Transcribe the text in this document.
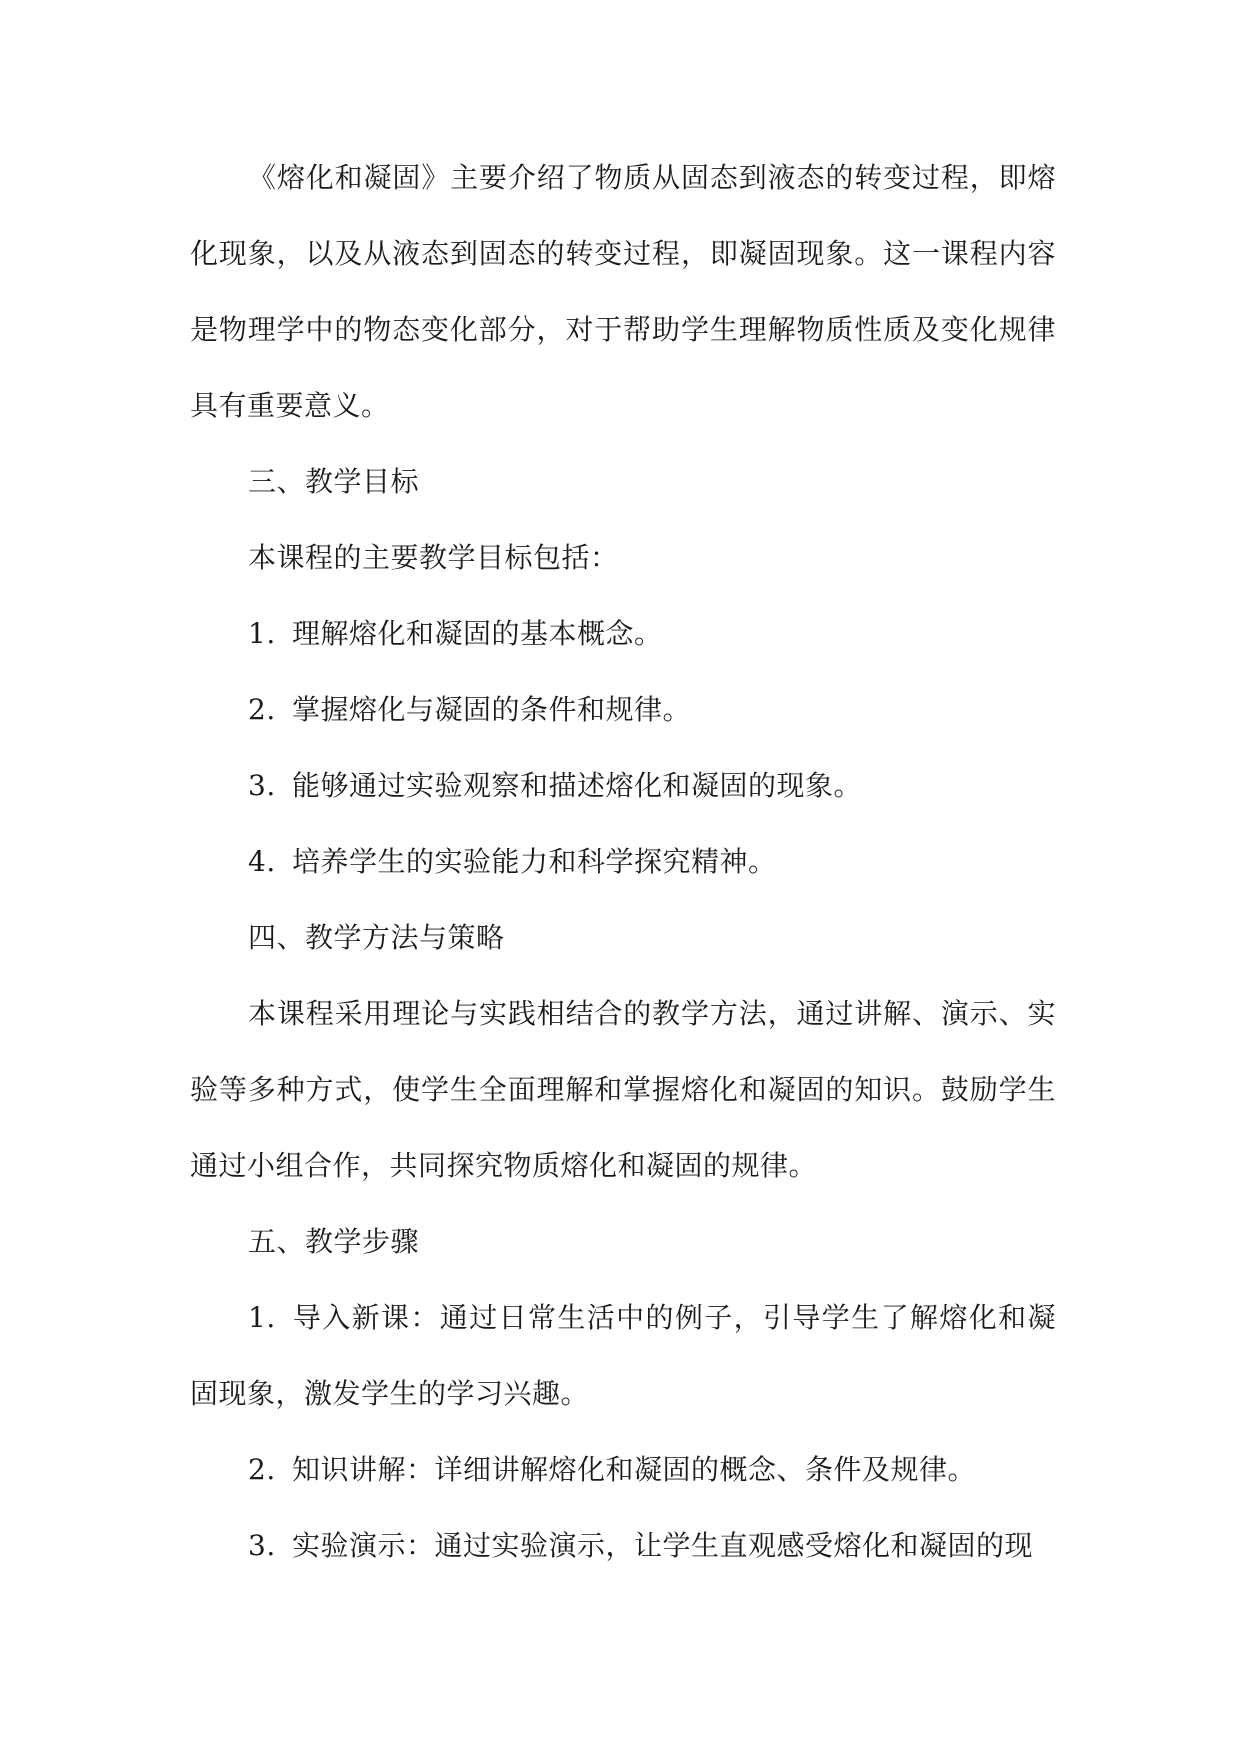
《熔化和凝固》主要介绍了物质从固态到液态的转变过程，即熔化现象，以及从液态到固态的转变过程，即凝固现象。这一课程内容是物理学中的物态变化部分，对于帮助学生理解物质性质及变化规律具有重要意义。

三、教学目标

本课程的主要教学目标包括：

1. 理解熔化和凝固的基本概念。

2. 掌握熔化与凝固的条件和规律。

3. 能够通过实验观察和描述熔化和凝固的现象。

4. 培养学生的实验能力和科学探究精神。

四、教学方法与策略

本课程采用理论与实践相结合的教学方法，通过讲解、演示、实验等多种方式，使学生全面理解和掌握熔化和凝固的知识。鼓励学生通过小组合作，共同探究物质熔化和凝固的规律。

五、教学步骤

1. 导入新课：通过日常生活中的例子，引导学生了解熔化和凝固现象，激发学生的学习兴趣。

2. 知识讲解：详细讲解熔化和凝固的概念、条件及规律。

3. 实验演示：通过实验演示，让学生直观感受熔化和凝固的现
